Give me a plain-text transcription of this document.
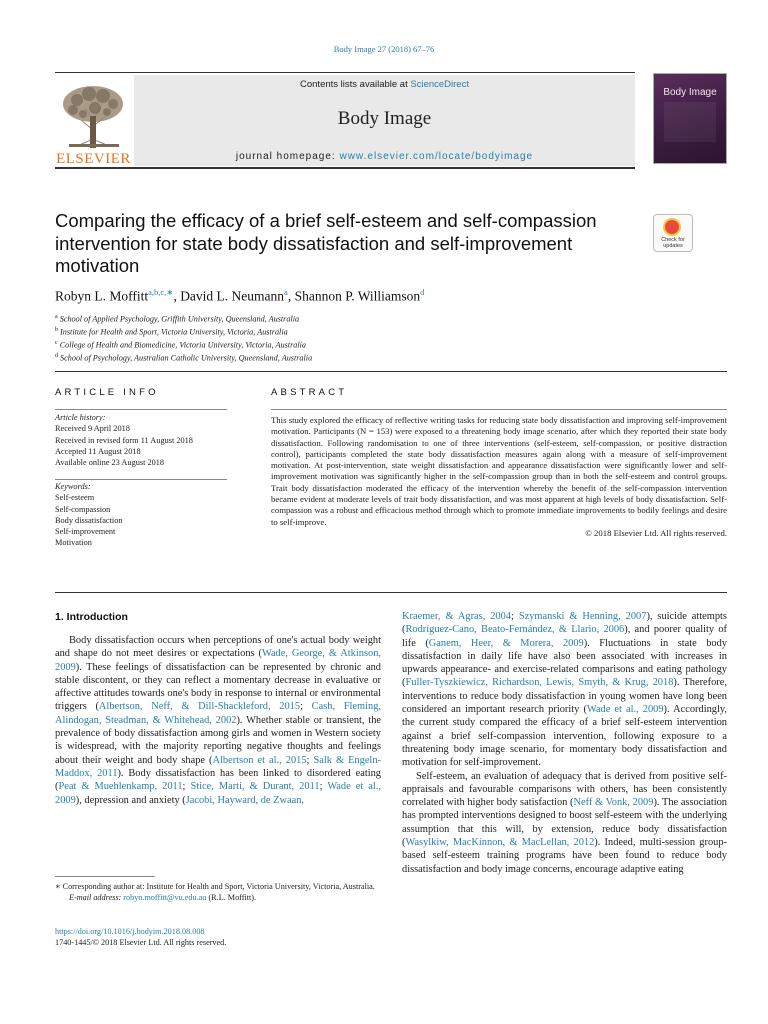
Body Image 27 (2018) 67–76
Contents lists available at ScienceDirect
Body Image
journal homepage: www.elsevier.com/locate/bodyimage
ELSEVIER
Body Image
Comparing the efficacy of a brief self-esteem and self-compassion intervention for state body dissatisfaction and self-improvement motivation
Check for updates
Robyn L. Moffitt$^{a,b,c,∗}$, David L. Neumann$^a$, Shannon P. Williamson$^d$
$^a$ School of Applied Psychology, Griffith University, Queensland, Australia
$^b$ Institute for Health and Sport, Victoria University, Victoria, Australia
$^c$ College of Health and Biomedicine, Victoria University, Victoria, Australia
$^d$ School of Psychology, Australian Catholic University, Queensland, Australia
ARTICLE INFO
Article history:
Received 9 April 2018
Received in revised form 11 August 2018
Accepted 11 August 2018
Available online 23 August 2018
Keywords:
Self-esteem
Self-compassion
Body dissatisfaction
Self-improvement
Motivation
ABSTRACT
This study explored the efficacy of reflective writing tasks for reducing state body dissatisfaction and improving self-improvement motivation. Participants (N = 153) were exposed to a threatening body image scenario, after which they reported their state body dissatisfaction. Following randomisation to one of three interventions (self-esteem, self-compassion, or positive distraction control), participants completed the state body dissatisfaction measures again along with a measure of self-improvement motivation. At post-intervention, state weight dissatisfaction and appearance dissatisfaction were significantly lower and self-improvement motivation was significantly higher in the self-compassion group than in both the self-esteem and control groups. Trait body dissatisfaction moderated the efficacy of the intervention whereby the benefit of the self-compassion intervention became evident at moderate levels of trait body dissatisfaction, and was most apparent at high levels of body dissatisfaction. Self-compassion was a robust and efficacious method through which to promote immediate improvements to bodily feelings and desire to self-improve.
© 2018 Elsevier Ltd. All rights reserved.
1. Introduction

Body dissatisfaction occurs when perceptions of one's actual body weight and shape do not meet desires or expectations (Wade, George, & Atkinson, 2009). These feelings of dissatisfaction can be represented by chronic and stable discontent, or they can reflect a momentary decrease in evaluative or affective attitudes towards one's body in response to internal or environmental triggers (Albertson, Neff, & Dill-Shackleford, 2015; Cash, Fleming, Alindogan, Steadman, & Whitehead, 2002). Whether stable or transient, the prevalence of body dissatisfaction among girls and women in Western society is widespread, with the majority reporting negative thoughts and feelings about their weight and body shape (Albertson et al., 2015; Salk & Engeln-Maddox, 2011). Body dissatisfaction has been linked to disordered eating (Peat & Muehlenkamp, 2011; Stice, Marti, & Durant, 2011; Wade et al., 2009), depression and anxiety (Jacobi, Hayward, de Zwaan,

Kraemer, & Agras, 2004; Szymanski & Henning, 2007), suicide attempts (Rodríguez-Cano, Beato-Fernández, & Llario, 2006), and poorer quality of life (Ganem, Heer, & Morera, 2009). Fluctuations in state body dissatisfaction in daily life have also been associated with increases in upwards appearance- and exercise-related comparisons and eating pathology (Fuller-Tyszkiewicz, Richardson, Lewis, Smyth, & Krug, 2018). Therefore, interventions to reduce body dissatisfaction in young women have long been considered an important research priority (Wade et al., 2009). Accordingly, the current study compared the efficacy of a brief self-esteem intervention against a brief self-compassion intervention, following exposure to a threatening body image scenario, for momentary body dissatisfaction and motivation for self-improvement.

Self-esteem, an evaluation of adequacy that is derived from positive self-appraisals and favourable comparisons with others, has been consistently correlated with higher body satisfaction (Neff & Vonk, 2009). The association has prompted interventions designed to boost self-esteem with the underlying assumption that this will, by extension, reduce body dissatisfaction (Wasylkiw, MacKinnon, & MacLellan, 2012). Indeed, multi-session group-based self-esteem training programs have been found to reduce body dissatisfaction and body image concerns, encourage adaptive eating

∗ Corresponding author at: Institute for Health and Sport, Victoria University, Victoria, Australia.
E-mail address: robyn.moffitt@vu.edu.au (R.L. Moffitt).
https://doi.org/10.1016/j.bodyim.2018.08.008
1740-1445/© 2018 Elsevier Ltd. All rights reserved.
